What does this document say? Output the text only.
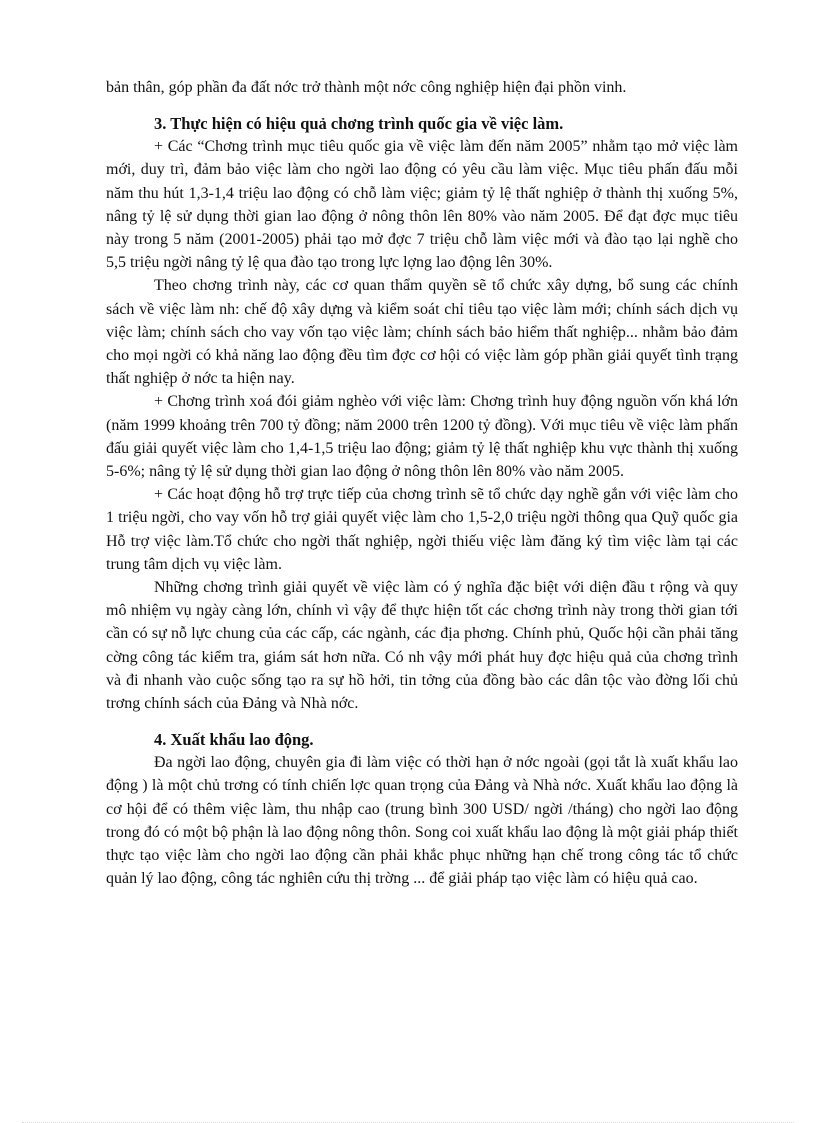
bản thân, góp phần đa đất nớc trở thành một nớc công nghiệp hiện đại phồn vinh.

3. Thực hiện có hiệu quả chơng trình quốc gia về việc làm.

+ Các “Chơng trình mục tiêu quốc gia về việc làm đến năm 2005” nhằm tạo mở việc làm mới, duy trì, đảm bảo việc làm cho ngời lao động có yêu cầu làm việc. Mục tiêu phấn đấu mỗi năm thu hút 1,3-1,4 triệu lao động có chỗ làm việc; giảm tỷ lệ thất nghiệp ở thành thị xuống 5%, nâng tỷ lệ sử dụng thời gian lao động ở nông thôn lên 80% vào năm 2005. Để đạt đợc mục tiêu này trong 5 năm (2001-2005) phải tạo mở đợc 7 triệu chỗ làm việc mới và đào tạo lại nghề cho 5,5 triệu ngời nâng tỷ lệ qua đào tạo trong lực lợng lao động lên 30%.

Theo chơng trình này, các cơ quan thẩm quyền sẽ tổ chức xây dựng, bổ sung các chính sách về việc làm nh: chế độ xây dựng và kiểm soát chỉ tiêu tạo việc làm mới; chính sách dịch vụ việc làm; chính sách cho vay vốn tạo việc làm; chính sách bảo hiểm thất nghiệp... nhằm bảo đảm cho mọi ngời có khả năng lao động đều tìm đợc cơ hội có việc làm góp phần giải quyết tình trạng thất nghiệp ở nớc ta hiện nay.

+ Chơng trình xoá đói giảm nghèo với việc làm: Chơng trình huy động nguồn vốn khá lớn (năm 1999 khoảng trên 700 tỷ đồng; năm 2000 trên 1200 tỷ đồng). Với mục tiêu về việc làm phấn đấu giải quyết việc làm cho 1,4-1,5 triệu lao động; giảm tỷ lệ thất nghiệp khu vực thành thị xuống 5-6%; nâng tỷ lệ sử dụng thời gian lao động ở nông thôn lên 80% vào năm 2005.

+ Các hoạt động hỗ trợ trực tiếp của chơng trình sẽ tổ chức dạy nghề gắn với việc làm cho 1 triệu ngời, cho vay vốn hỗ trợ giải quyết việc làm cho 1,5-2,0 triệu ngời thông qua Quỹ quốc gia Hỗ trợ việc làm.Tổ chức cho ngời thất nghiệp, ngời thiếu việc làm đăng ký tìm việc làm tại các trung tâm dịch vụ việc làm.

Những chơng trình giải quyết về việc làm có ý nghĩa đặc biệt với diện đầu t rộng và quy mô nhiệm vụ ngày càng lớn, chính vì vậy để thực hiện tốt các chơng trình này trong thời gian tới cần có sự nỗ lực chung của các cấp, các ngành, các địa phơng. Chính phủ, Quốc hội cần phải tăng cờng công tác kiểm tra, giám sát hơn nữa. Có nh vậy mới phát huy đợc hiệu quả của chơng trình và đi nhanh vào cuộc sống tạo ra sự hồ hởi, tin tởng của đồng bào các dân tộc vào đờng lối chủ trơng chính sách của Đảng và Nhà nớc.

4. Xuất khẩu lao động.

Đa ngời lao động, chuyên gia đi làm việc có thời hạn ở nớc ngoài (gọi tắt là xuất khẩu lao động ) là một chủ trơng có tính chiến lợc quan trọng của Đảng và Nhà nớc. Xuất khẩu lao động là cơ hội để có thêm việc làm, thu nhập cao (trung bình 300 USD/ ngời /tháng) cho ngời lao động trong đó có một bộ phận là lao động nông thôn. Song coi xuất khẩu lao động là một giải pháp thiết thực tạo việc làm cho ngời lao động cần phải khắc phục những hạn chế trong công tác tổ chức quản lý lao động, công tác nghiên cứu thị trờng ... để giải pháp tạo việc làm có hiệu quả cao.
